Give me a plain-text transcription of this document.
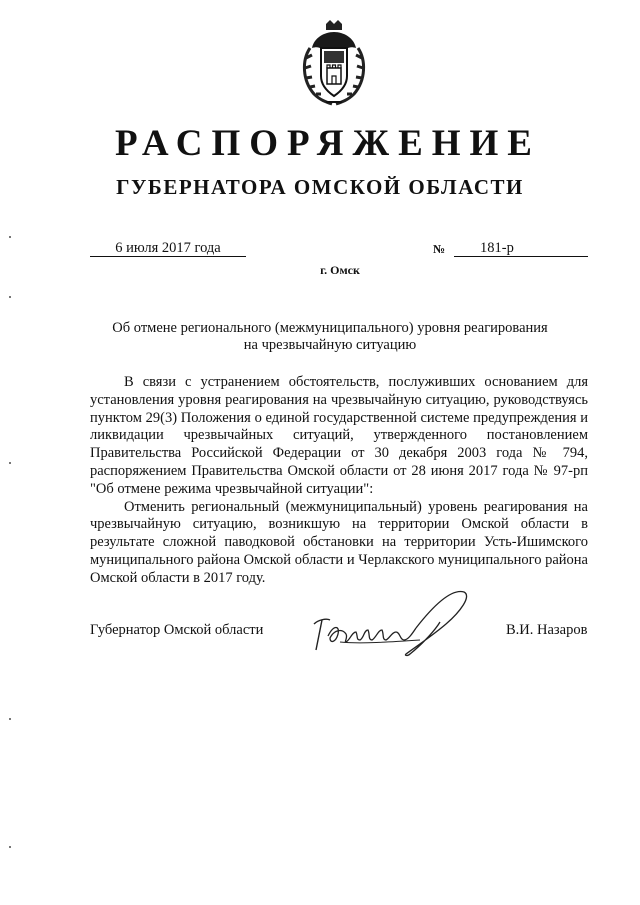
РАСПОРЯЖЕНИЕ
ГУБЕРНАТОРА ОМСКОЙ ОБЛАСТИ
6 июля 2017 года	№	181-р
г. Омск
Об отмене регионального (межмуниципального) уровня реагирования
на чрезвычайную ситуацию

В связи с устранением обстоятельств, послуживших основанием для установления уровня реагирования на чрезвычайную ситуацию, руководствуясь пунктом 29(3) Положения о единой государственной системе предупреждения и ликвидации чрезвычайных ситуаций, утвержденного постановлением Правительства Российской Федерации от 30 декабря 2003 года № 794, распоряжением Правительства Омской области от 28 июня 2017 года № 97-рп "Об отмене режима чрезвычайной ситуации":

Отменить региональный (межмуниципальный) уровень реагирования на чрезвычайную ситуацию, возникшую на территории Омской области в результате сложной паводковой обстановки на территории Усть-Ишимского муниципального района Омской области и Черлакского муниципального района Омской области в 2017 году.

Губернатор Омской области	В.И. Назаров
